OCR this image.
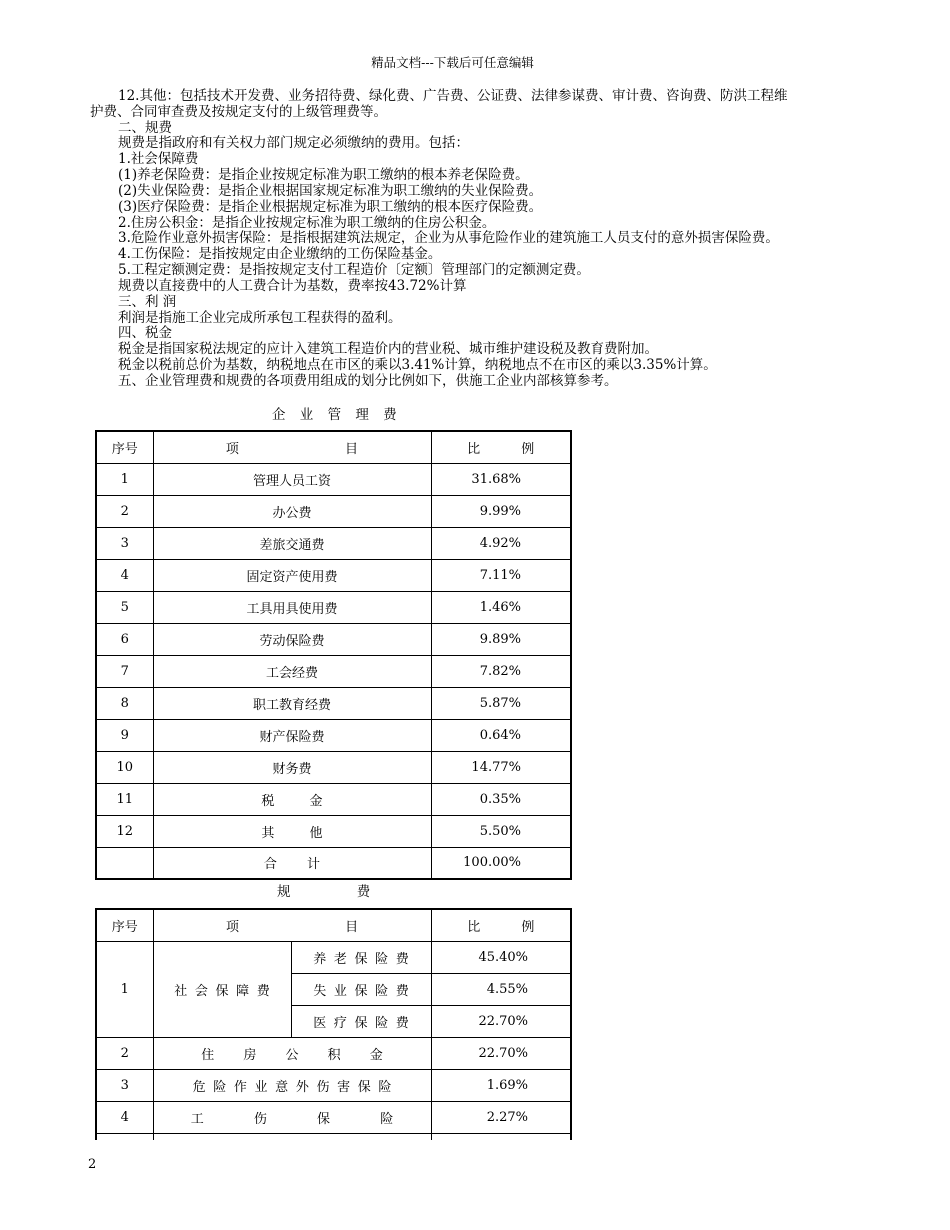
精品文档---下载后可任意编辑
12.其他：包括技术开发费、业务招待费、绿化费、广告费、公证费、法律参谋费、审计费、咨询费、防洪工程维
护费、合同审查费及按规定支付的上级管理费等。
二、规费
规费是指政府和有关权力部门规定必须缴纳的费用。包括：
1.社会保障费
(1)养老保险费：是指企业按规定标准为职工缴纳的根本养老保险费。
(2)失业保险费：是指企业根据国家规定标准为职工缴纳的失业保险费。
(3)医疗保险费：是指企业根据规定标准为职工缴纳的根本医疗保险费。
2.住房公积金：是指企业按规定标准为职工缴纳的住房公积金。
3.危险作业意外损害保险：是指根据建筑法规定，企业为从事危险作业的建筑施工人员支付的意外损害保险费。
4.工伤保险：是指按规定由企业缴纳的工伤保险基金。
5.工程定额测定费：是指按规定支付工程造价〔定额〕管理部门的定额测定费。
规费以直接费中的人工费合计为基数，费率按43.72%计算
三、利 润
利润是指施工企业完成所承包工程获得的盈利。
四、税金
税金是指国家税法规定的应计入建筑工程造价内的营业税、城市维护建设税及教育费附加。
税金以税前总价为基数，纳税地点在市区的乘以3.41%计算，纳税地点不在市区的乘以3.35%计算。
五、企业管理费和规费的各项费用组成的划分比例如下，供施工企业内部核算参考。
企 业 管 理 费
序号	项 目	比 例
1	管理人员工资	31.68%
2	办公费	9.99%
3	差旅交通费	4.92%
4	固定资产使用费	7.11%
5	工具用具使用费	1.46%
6	劳动保险费	9.89%
7	工会经费	7.82%
8	职工教育经费	5.87%
9	财产保险费	0.64%
10	财务费	14.77%
11	税 金	0.35%
12	其 他	5.50%
	合 计	100.00%
规 费
序号	项 目		比 例
1	社 会 保 障 费	养 老 保 险 费	45.40%
		失 业 保 险 费	4.55%
		医 疗 保 险 费	22.70%
2	住 房 公 积 金		22.70%
3	危 险 作 业 意 外 伤 害 保 险		1.69%
4	工 伤 保 险		2.27%

2
